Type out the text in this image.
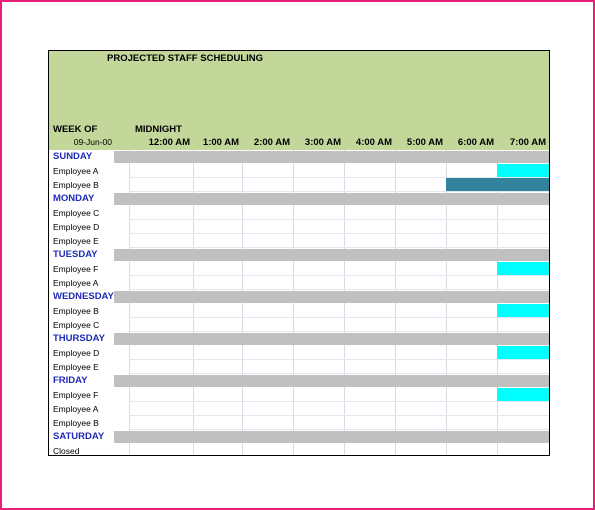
PROJECTED STAFF SCHEDULING
WEEK OF
09-Jun-00
MIDNIGHT
12:00 AM 1:00 AM 2:00 AM 3:00 AM 4:00 AM 5:00 AM 6:00 AM 7:00 AM
SUNDAY
Employee A
Employee B
MONDAY
Employee C
Employee D
Employee E
TUESDAY
Employee F
Employee A
WEDNESDAY
Employee B
Employee C
THURSDAY
Employee D
Employee E
FRIDAY
Employee F
Employee A
Employee B
SATURDAY
Closed
